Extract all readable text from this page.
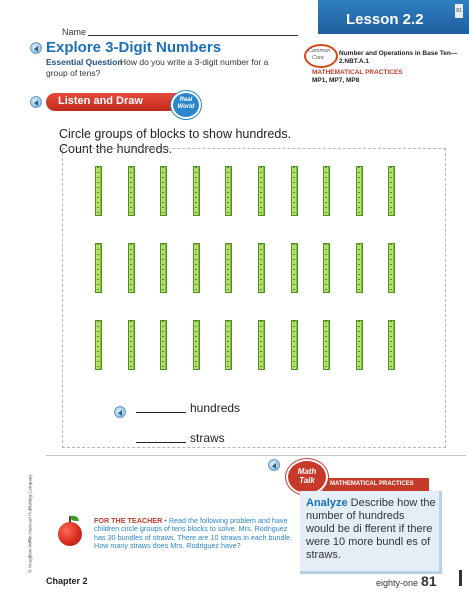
Lesson 2.2	81
Name
Explore 3-Digit Numbers
Essential Question
How do you write a 3-digit number for a group of tens?
Common
Core
Number and Operations in Base Ten—2.NBT.A.1
MATHEMATICAL PRACTICES
MP1, MP7, MP8
Listen and Draw	Real
World
Circle groups of blocks to show hundreds.
Count the hundreds.
hundreds
straws
© Houghton Mifflin Harcourt Publishing Company	FOR THE TEACHER • Read the following problem and have children circle groups of tens blocks to solve. Mrs. Rodriguez has 30 bundles of straws. There are 10 straws in each bundle. How many straws does Mrs. Rodriguez have?
MATHEMATICAL PRACTICES
Math
Talk
Analyze Describe how the number of hundreds would be di fferent if there were 10 more bundl es of straws.
Chapter 2	eighty-one 81
